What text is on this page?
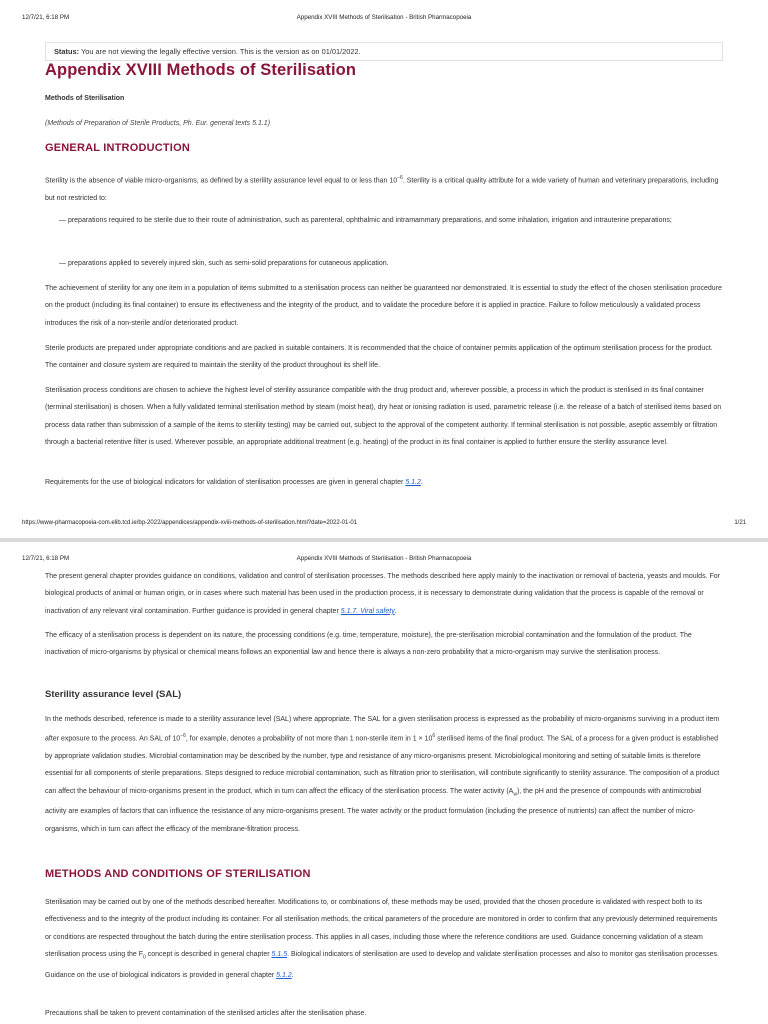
12/7/21, 6:18 PM	Appendix XVIII Methods of Sterilisation - British Pharmacopoeia
Status: You are not viewing the legally effective version. This is the version as on 01/01/2022.
Appendix XVIII Methods of Sterilisation
Methods of Sterilisation
(Methods of Preparation of Sterile Products, Ph. Eur. general texts 5.1.1)
GENERAL INTRODUCTION

Sterility is the absence of viable micro-organisms, as defined by a sterility assurance level equal to or less than $10^{-6}$. Sterility is a critical quality attribute for a wide variety of human and veterinary preparations, including but not restricted to:

— preparations required to be sterile due to their route of administration, such as parenteral, ophthalmic and intramammary preparations, and some inhalation, irrigation and intrauterine preparations;

— preparations applied to severely injured skin, such as semi-solid preparations for cutaneous application.

The achievement of sterility for any one item in a population of items submitted to a sterilisation process can neither be guaranteed nor demonstrated. It is essential to study the effect of the chosen sterilisation procedure on the product (including its final container) to ensure its effectiveness and the integrity of the product, and to validate the procedure before it is applied in practice. Failure to follow meticulously a validated process introduces the risk of a non-sterile and/or deteriorated product.

Sterile products are prepared under appropriate conditions and are packed in suitable containers. It is recommended that the choice of container permits application of the optimum sterilisation process for the product. The container and closure system are required to maintain the sterility of the product throughout its shelf life.

Sterilisation process conditions are chosen to achieve the highest level of sterility assurance compatible with the drug product and, wherever possible, a process in which the product is sterilised in its final container (terminal sterilisation) is chosen. When a fully validated terminal sterilisation method by steam (moist heat), dry heat or ionising radiation is used, parametric release (i.e. the release of a batch of sterilised items based on process data rather than submission of a sample of the items to sterility testing) may be carried out, subject to the approval of the competent authority. If terminal sterilisation is not possible, aseptic assembly or filtration through a bacterial retentive filter is used. Wherever possible, an appropriate additional treatment (e.g. heating) of the product in its final container is applied to further ensure the sterility assurance level.

Requirements for the use of biological indicators for validation of sterilisation processes are given in general chapter 5.1.2.

https://www-pharmacopoeia-com.elib.tcd.ie/bp-2022/appendices/appendix-xviii-methods-of-sterilisation.html?date=2022-01-01	1/21
12/7/21, 6:18 PM	Appendix XVIII Methods of Sterilisation - British Pharmacopoeia

The present general chapter provides guidance on conditions, validation and control of sterilisation processes. The methods described here apply mainly to the inactivation or removal of bacteria, yeasts and moulds. For biological products of animal or human origin, or in cases where such material has been used in the production process, it is necessary to demonstrate during validation that the process is capable of the removal or inactivation of any relevant viral contamination. Further guidance is provided in general chapter 5.1.7. Viral safety.

The efficacy of a sterilisation process is dependent on its nature, the processing conditions (e.g. time, temperature, moisture), the pre-sterilisation microbial contamination and the formulation of the product. The inactivation of micro-organisms by physical or chemical means follows an exponential law and hence there is always a non-zero probability that a micro-organism may survive the sterilisation process.

Sterility assurance level (SAL)

In the methods described, reference is made to a sterility assurance level (SAL) where appropriate. The SAL for a given sterilisation process is expressed as the probability of micro-organisms surviving in a product item after exposure to the process. An SAL of $10^{-6}$, for example, denotes a probability of not more than 1 non-sterile item in $1 \times 10^6$ sterilised items of the final product. The SAL of a process for a given product is established by appropriate validation studies. Microbial contamination may be described by the number, type and resistance of any micro-organisms present. Microbiological monitoring and setting of suitable limits is therefore essential for all components of sterile preparations. Steps designed to reduce microbial contamination, such as filtration prior to sterilisation, will contribute significantly to sterility assurance. The composition of a product can affect the behaviour of micro-organisms present in the product, which in turn can affect the efficacy of the sterilisation process. The water activity $(A_w)$, the pH and the presence of compounds with antimicrobial activity are examples of factors that can influence the resistance of any micro-organisms present. The water activity or the product formulation (including the presence of nutrients) can affect the number of micro-organisms, which in turn can affect the efficacy of the membrane-filtration process.

METHODS AND CONDITIONS OF STERILISATION

Sterilisation may be carried out by one of the methods described hereafter. Modifications to, or combinations of, these methods may be used, provided that the chosen procedure is validated with respect both to its effectiveness and to the integrity of the product including its container. For all sterilisation methods, the critical parameters of the procedure are monitored in order to confirm that any previously determined requirements or conditions are respected throughout the batch during the entire sterilisation process. This applies in all cases, including those where the reference conditions are used. Guidance concerning validation of a steam sterilisation process using the $F_0$ concept is described in general chapter 5.1.5. Biological indicators of sterilisation are used to develop and validate sterilisation processes and also to monitor gas sterilisation processes. Guidance on the use of biological indicators is provided in general chapter 5.1.2.

Precautions shall be taken to prevent contamination of the sterilised articles after the sterilisation phase.
